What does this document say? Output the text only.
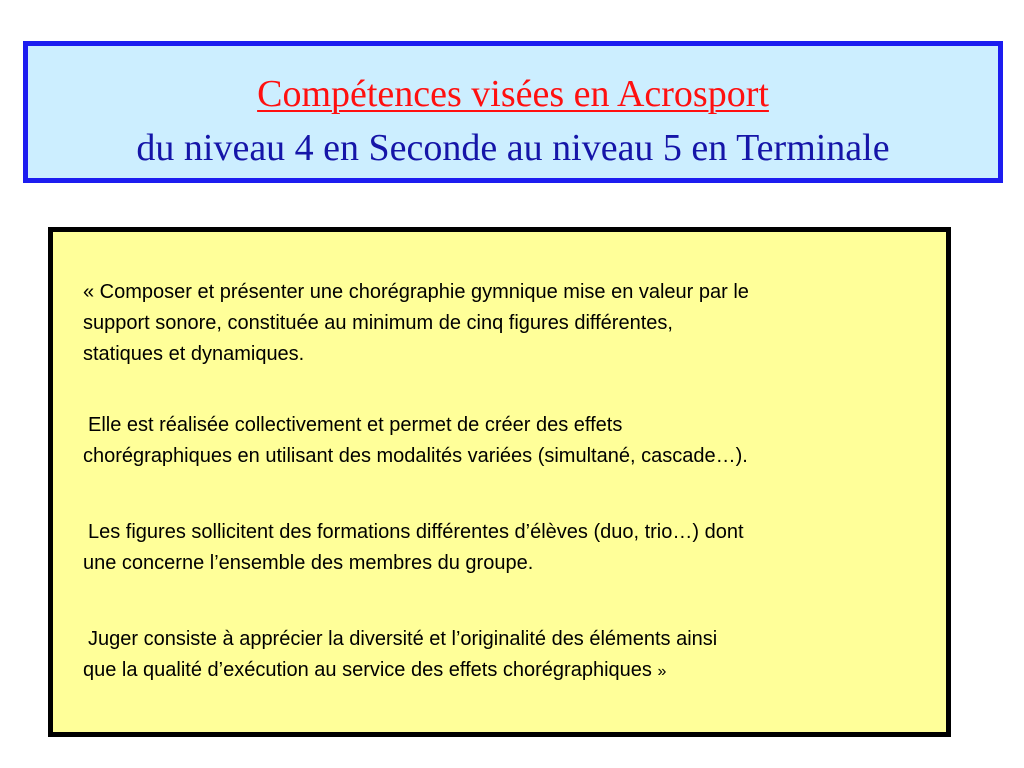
Compétences visées en Acrosport
du niveau 4 en Seconde au niveau 5 en Terminale

« Composer et présenter une chorégraphie gymnique mise en valeur par le
support sonore, constituée au minimum de cinq figures différentes,
statiques et dynamiques.

Elle est réalisée collectivement et permet de créer des effets
chorégraphiques en utilisant des modalités variées (simultané, cascade…).

Les figures sollicitent des formations différentes d’élèves (duo, trio…) dont
une concerne l’ensemble des membres du groupe.

Juger consiste à apprécier la diversité et l’originalité des éléments ainsi
que la qualité d’exécution au service des effets chorégraphiques »
